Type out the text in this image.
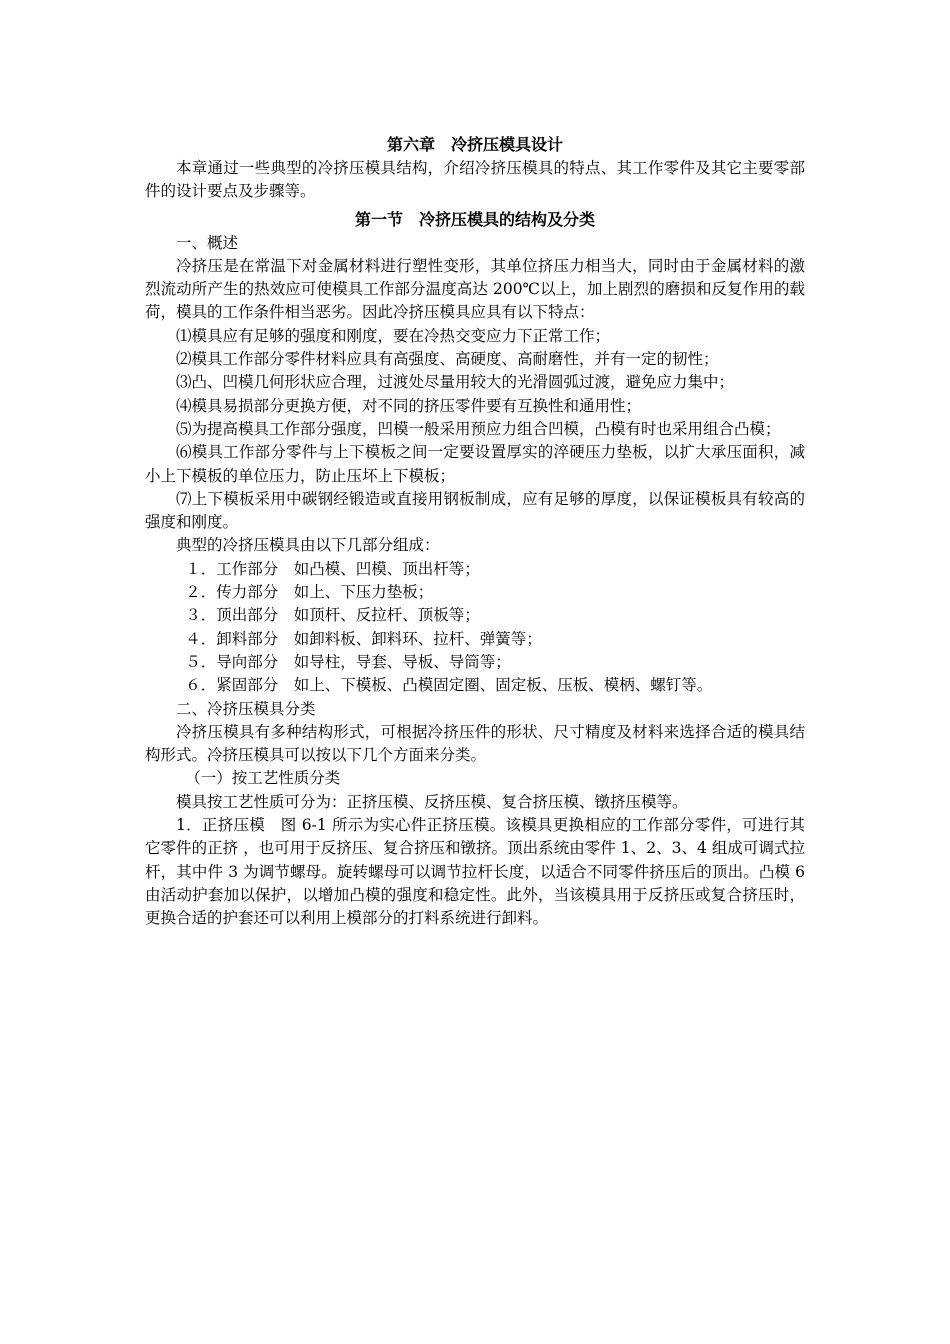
第六章　冷挤压模具设计

本章通过一些典型的冷挤压模具结构，介绍冷挤压模具的特点、其工作零件及其它主要零部件的设计要点及步骤等。

第一节　冷挤压模具的结构及分类

一、概述

冷挤压是在常温下对金属材料进行塑性变形，其单位挤压力相当大，同时由于金属材料的激烈流动所产生的热效应可使模具工作部分温度高达 200℃以上，加上剧烈的磨损和反复作用的载荷，模具的工作条件相当恶劣。因此冷挤压模具应具有以下特点：

⑴模具应有足够的强度和刚度，要在冷热交变应力下正常工作；

⑵模具工作部分零件材料应具有高强度、高硬度、高耐磨性，并有一定的韧性；

⑶凸、凹模几何形状应合理，过渡处尽量用较大的光滑圆弧过渡，避免应力集中；

⑷模具易损部分更换方便，对不同的挤压零件要有互换性和通用性；

⑸为提高模具工作部分强度，凹模一般采用预应力组合凹模，凸模有时也采用组合凸模；

⑹模具工作部分零件与上下模板之间一定要设置厚实的淬硬压力垫板，以扩大承压面积，减小上下模板的单位压力，防止压坏上下模板；

⑺上下模板采用中碳钢经锻造或直接用钢板制成，应有足够的厚度，以保证模板具有较高的强度和刚度。

典型的冷挤压模具由以下几部分组成：

１．工作部分　如凸模、凹模、顶出杆等；

２．传力部分　如上、下压力垫板；

３．顶出部分　如顶杆、反拉杆、顶板等；

４．卸料部分　如卸料板、卸料环、拉杆、弹簧等；

５．导向部分　如导柱，导套、导板、导筒等；

６．紧固部分　如上、下模板、凸模固定圈、固定板、压板、模柄、螺钉等。

二、冷挤压模具分类

冷挤压模具有多种结构形式，可根据冷挤压件的形状、尺寸精度及材料来选择合适的模具结构形式。冷挤压模具可以按以下几个方面来分类。

（一）按工艺性质分类

模具按工艺性质可分为：正挤压模、反挤压模、复合挤压模、镦挤压模等。

1．正挤压模　图 6-1 所示为实心件正挤压模。该模具更换相应的工作部分零件，可进行其它零件的正挤 ，也可用于反挤压、复合挤压和镦挤。顶出系统由零件 1、2、3、4 组成可调式拉杆，其中件 3 为调节螺母。旋转螺母可以调节拉杆长度，以适合不同零件挤压后的顶出。凸模 6 由活动护套加以保护，以增加凸模的强度和稳定性。此外，当该模具用于反挤压或复合挤压时，更换合适的护套还可以利用上模部分的打料系统进行卸料。
